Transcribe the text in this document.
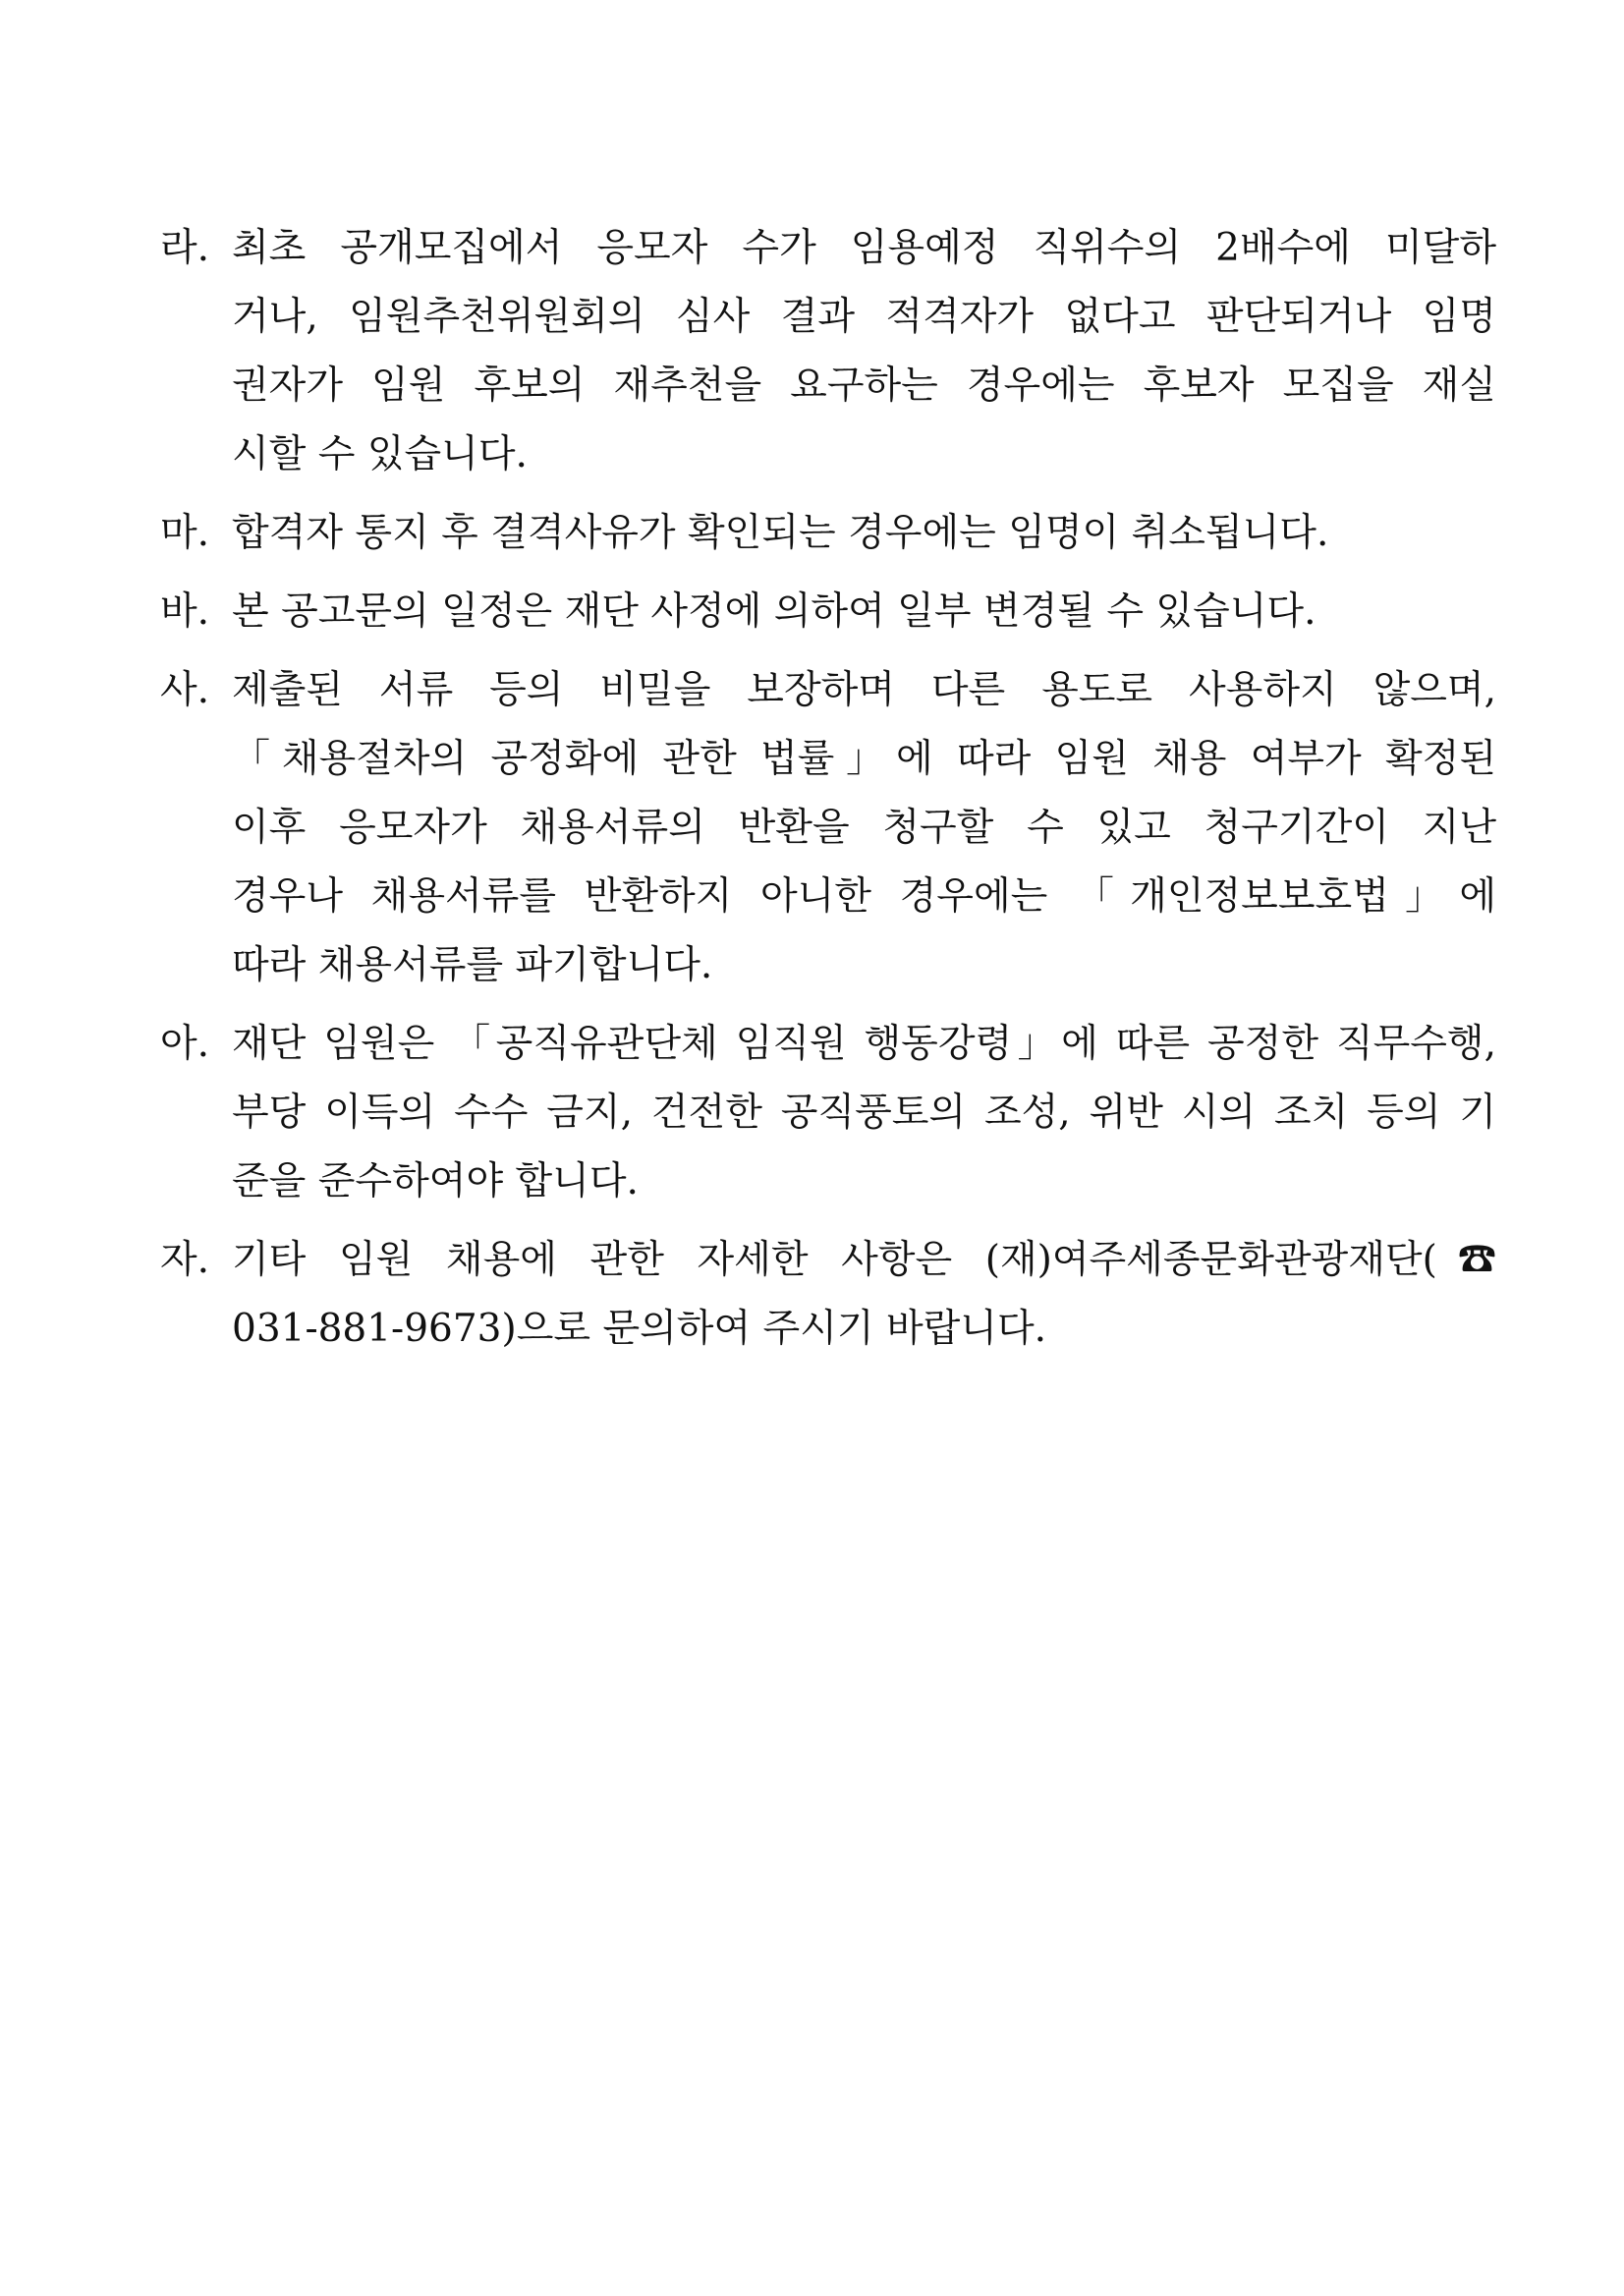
라. 최초 공개모집에서 응모자 수가 임용예정 직위수의 2배수에 미달하
거나, 임원추천위원회의 심사 결과 적격자가 없다고 판단되거나 임명
권자가 임원 후보의 재추천을 요구하는 경우에는 후보자 모집을 재실
시할 수 있습니다.
마. 합격자 통지 후 결격사유가 확인되는 경우에는 임명이 취소됩니다.
바. 본 공고문의 일정은 재단 사정에 의하여 일부 변경될 수 있습니다.
사. 제출된 서류 등의 비밀을 보장하며 다른 용도로 사용하지 않으며,
「채용절차의 공정화에 관한 법률」에 따라 임원 채용 여부가 확정된
이후 응모자가 채용서류의 반환을 청구할 수 있고 청구기간이 지난
경우나 채용서류를 반환하지 아니한 경우에는 「개인정보보호법」에
따라 채용서류를 파기합니다.
아. 재단 임원은 「공직유관단체 임직원 행동강령」에 따른 공정한 직무수행,
부당 이득의 수수 금지, 건전한 공직풍토의 조성, 위반 시의 조치 등의 기
준을 준수하여야 합니다.
자. 기타 임원 채용에 관한 자세한 사항은 (재)여주세종문화관광재단(☎
031-881-9673)으로 문의하여 주시기 바랍니다.
